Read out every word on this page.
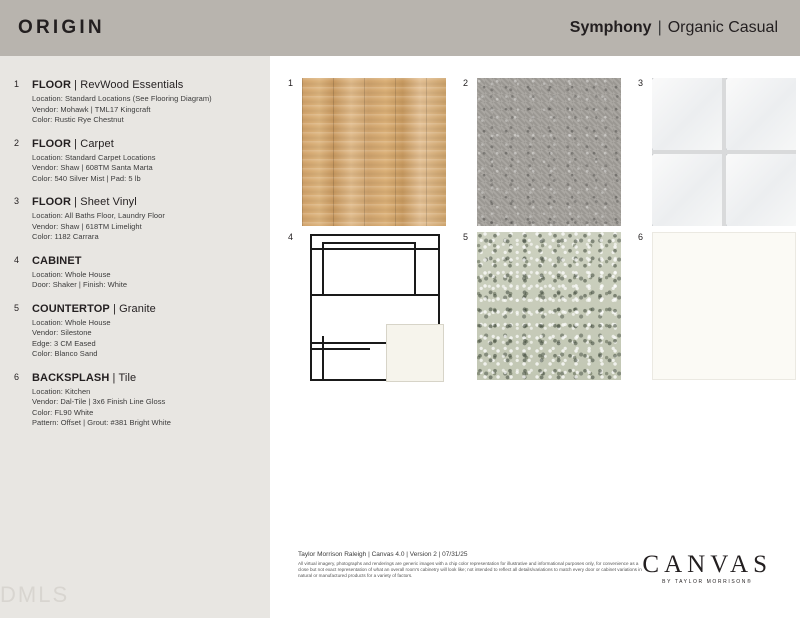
ORIGIN	Symphony | Organic Casual
1 FLOOR | RevWood Essentials
Location: Standard Locations (See Flooring Diagram)
Vendor: Mohawk | TML17 Kingcraft
Color: Rustic Rye Chestnut
2 FLOOR | Carpet
Location: Standard Carpet Locations
Vendor: Shaw | 608TM Santa Marta
Color: 540 Silver Mist | Pad: 5 lb
3 FLOOR | Sheet Vinyl
Location: All Baths Floor, Laundry Floor
Vendor: Shaw | 618TM Limelight
Color: 1182 Carrara
4 CABINET
Location: Whole House
Door: Shaker | Finish: White
5 COUNTERTOP | Granite
Location: Whole House
Vendor: Silestone
Edge: 3 CM Eased
Color: Blanco Sand
6 BACKSPLASH | Tile
Location: Kitchen
Vendor: Dal-Tile | 3x6 Finish Line Gloss
Color: FL90 White
Pattern: Offset | Grout: #381 Bright White
DMLS
1	2	3
4	5	6
Taylor Morrison Raleigh | Canvas 4.0 | Version 2 | 07/31/25
All virtual imagery, photographs and renderings are generic images with a chip color representation for illustrative and informational purposes only, for convenience as a close but not exact representation of what an overall room's cabinetry will look like; not intended to reflect all details/variations to match every door or cabinet variations in natural or manufactured products for a variety of factors.	CANVAS
BY TAYLOR MORRISON®
